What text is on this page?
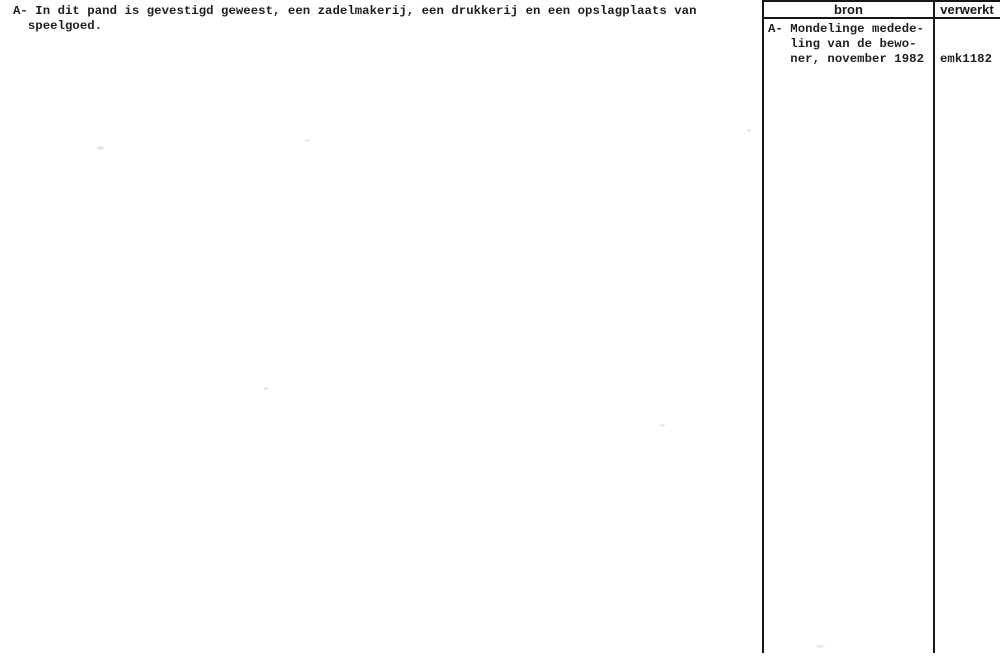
A- In dit pand is gevestigd geweest, een zadelmakerij, een drukkerij en een opslagplaats van
speelgoed.
bron	verwerkt
A- Mondelinge medede-
ling van de bewo-
ner, november 1982 emk1182
